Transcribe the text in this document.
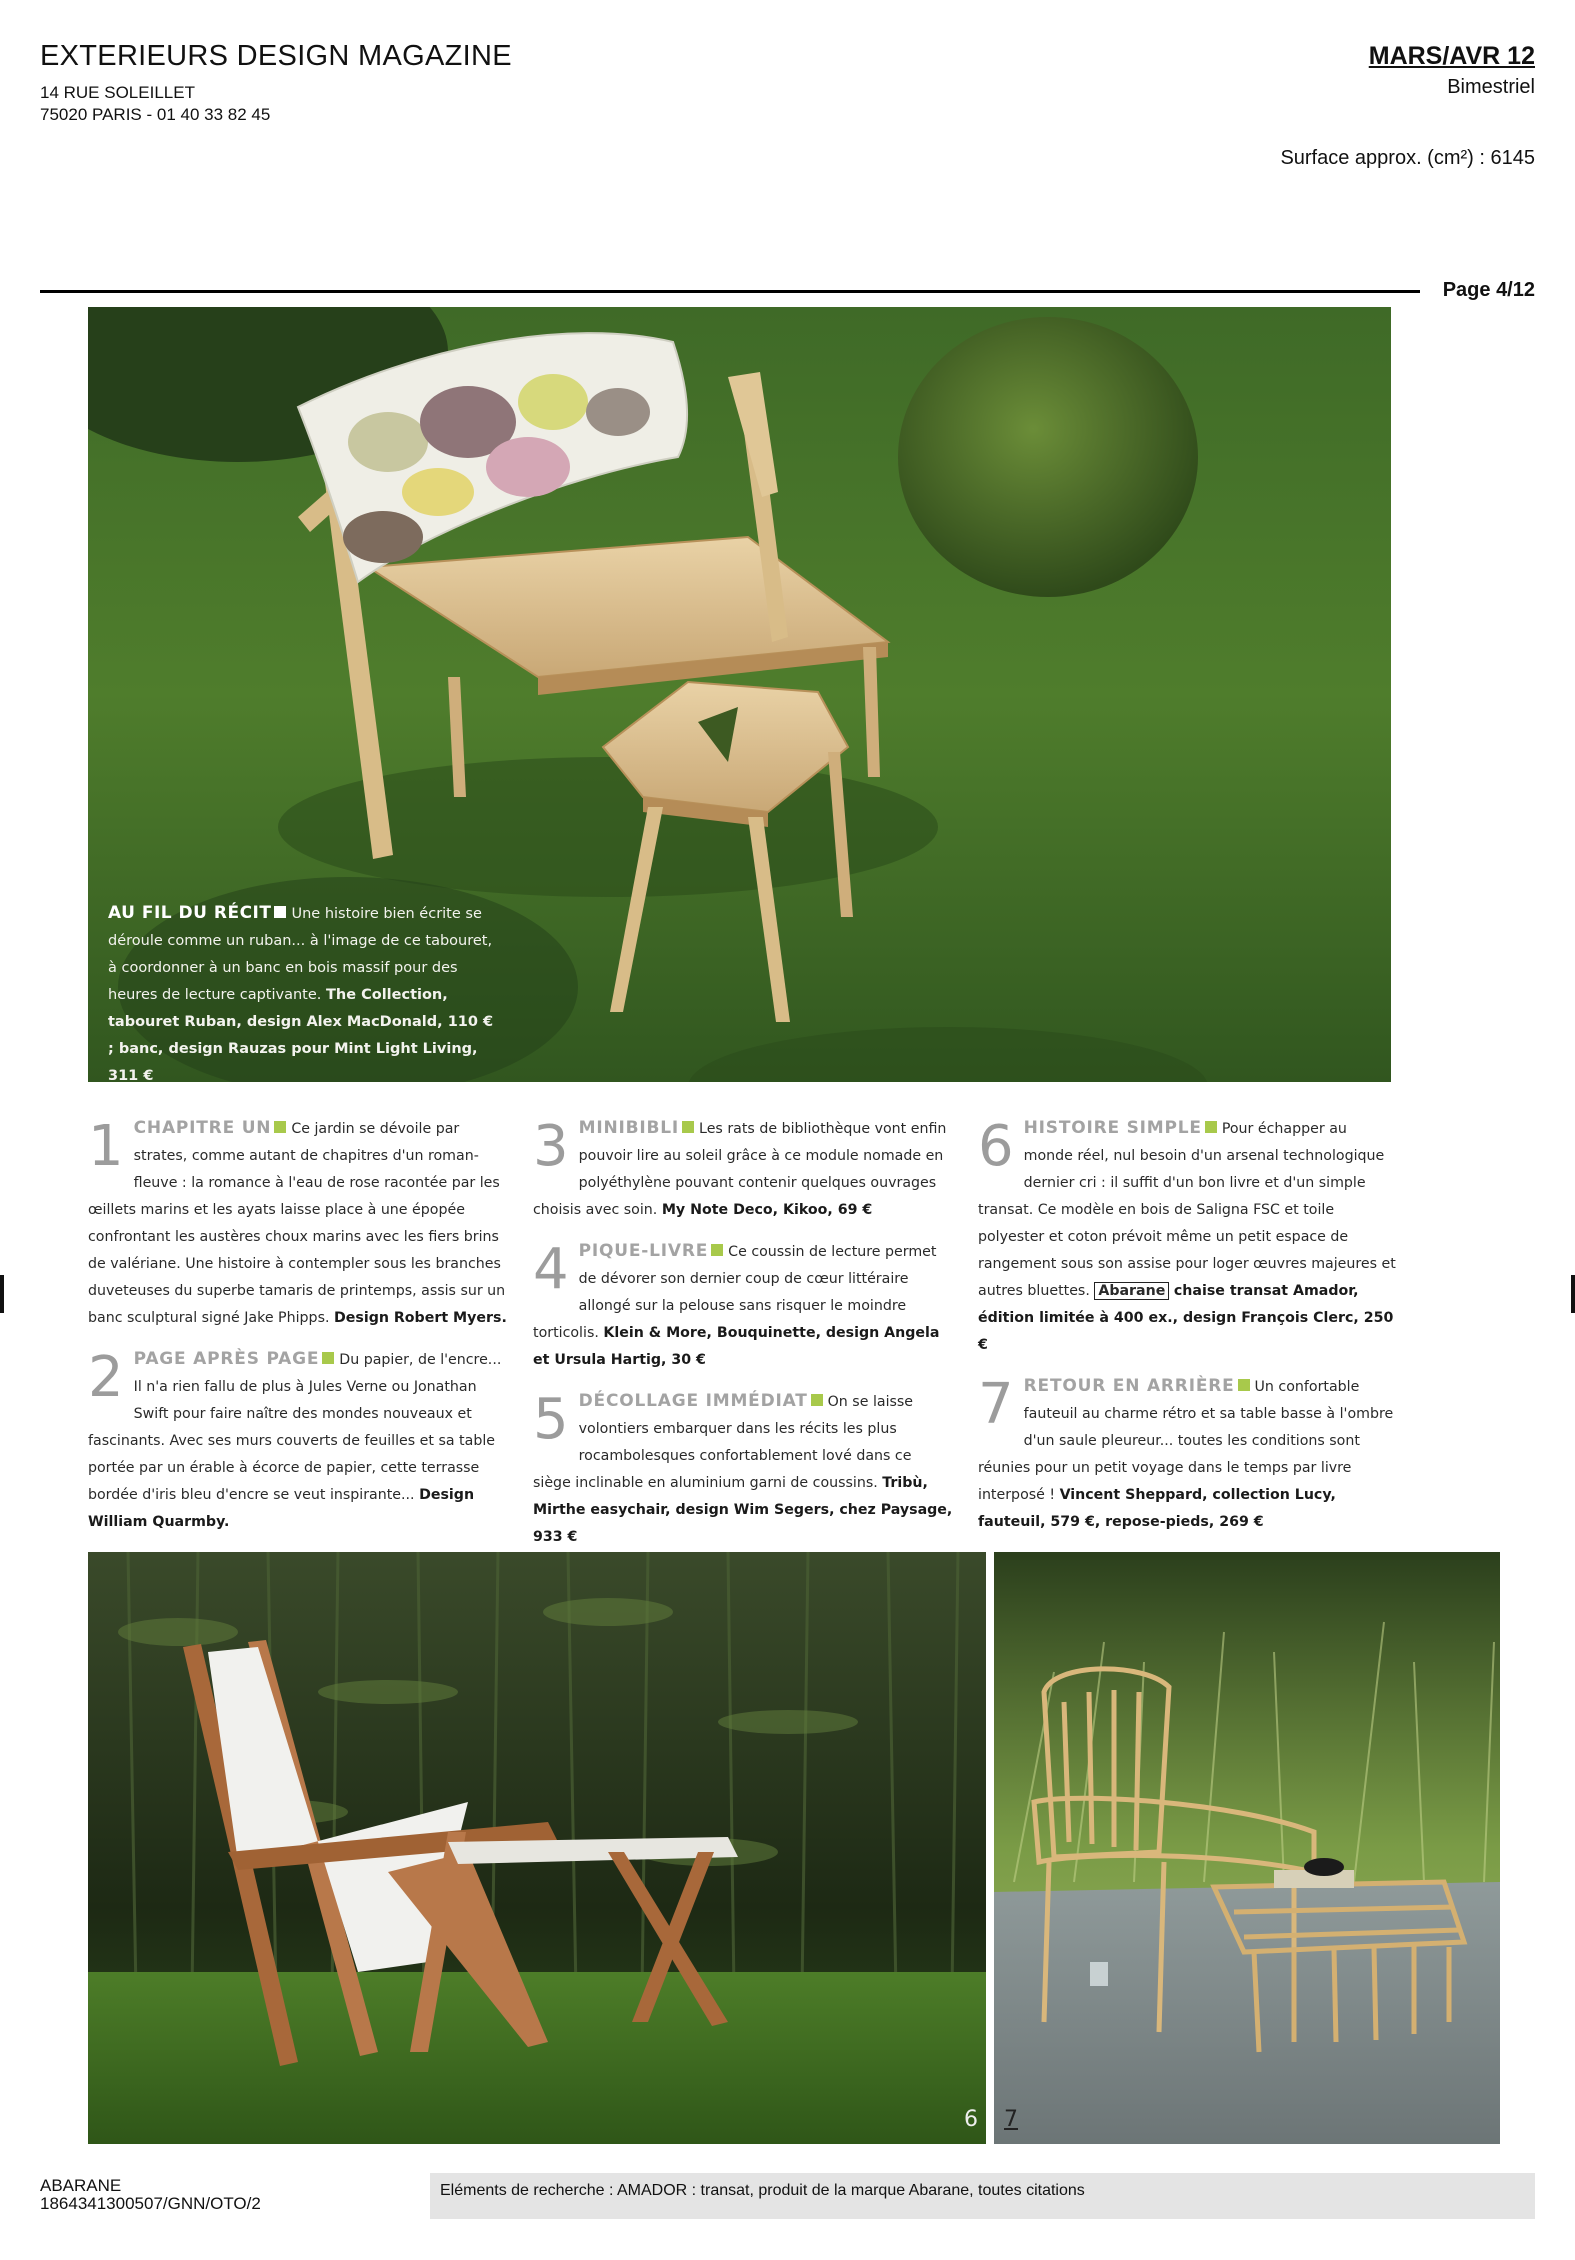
EXTERIEURS DESIGN MAGAZINE
14 RUE SOLEILLET
75020 PARIS - 01 40 33 82 45
MARS/AVR 12
Bimestriel
Surface approx. (cm²) : 6145
Page 4/12
AU FIL DU RÉCIT Une histoire bien écrite se déroule comme un ruban... à l'image de ce tabouret, à coordonner à un banc en bois massif pour des heures de lecture captivante. The Collection, tabouret Ruban, design Alex MacDonald, 110 € ; banc, design Rauzas pour Mint Light Living, 311 €
1 CHAPITRE UN Ce jardin se dévoile par strates, comme autant de chapitres d'un roman-fleuve : la romance à l'eau de rose racontée par les œillets marins et les ayats laisse place à une épopée confrontant les austères choux marins avec les fiers brins de valériane. Une histoire à contempler sous les branches duveteuses du superbe tamaris de printemps, assis sur un banc sculptural signé Jake Phipps. Design Robert Myers.
2 PAGE APRÈS PAGE Du papier, de l'encre... Il n'a rien fallu de plus à Jules Verne ou Jonathan Swift pour faire naître des mondes nouveaux et fascinants. Avec ses murs couverts de feuilles et sa table portée par un érable à écorce de papier, cette terrasse bordée d'iris bleu d'encre se veut inspirante... Design William Quarmby.
3 MINIBIBLI Les rats de bibliothèque vont enfin pouvoir lire au soleil grâce à ce module nomade en polyéthylène pouvant contenir quelques ouvrages choisis avec soin. My Note Deco, Kikoo, 69 €
4 PIQUE-LIVRE Ce coussin de lecture permet de dévorer son dernier coup de cœur littéraire allongé sur la pelouse sans risquer le moindre torticolis. Klein & More, Bouquinette, design Angela et Ursula Hartig, 30 €
5 DÉCOLLAGE IMMÉDIAT On se laisse volontiers embarquer dans les récits les plus rocambolesques confortablement lové dans ce siège inclinable en aluminium garni de coussins. Tribù, Mirthe easychair, design Wim Segers, chez Paysage, 933 €
6 HISTOIRE SIMPLE Pour échapper au monde réel, nul besoin d'un arsenal technologique dernier cri : il suffit d'un bon livre et d'un simple transat. Ce modèle en bois de Saligna FSC et toile polyester et coton prévoit même un petit espace de rangement sous son assise pour loger œuvres majeures et autres bluettes. Abarane chaise transat Amador, édition limitée à 400 ex., design François Clerc, 250 €
7 RETOUR EN ARRIÈRE Un confortable fauteuil au charme rétro et sa table basse à l'ombre d'un saule pleureur... toutes les conditions sont réunies pour un petit voyage dans le temps par livre interposé ! Vincent Sheppard, collection Lucy, fauteuil, 579 €, repose-pieds, 269 €
6 7
ABARANE
1864341300507/GNN/OTO/2
Eléments de recherche : AMADOR : transat, produit de la marque Abarane, toutes citations
